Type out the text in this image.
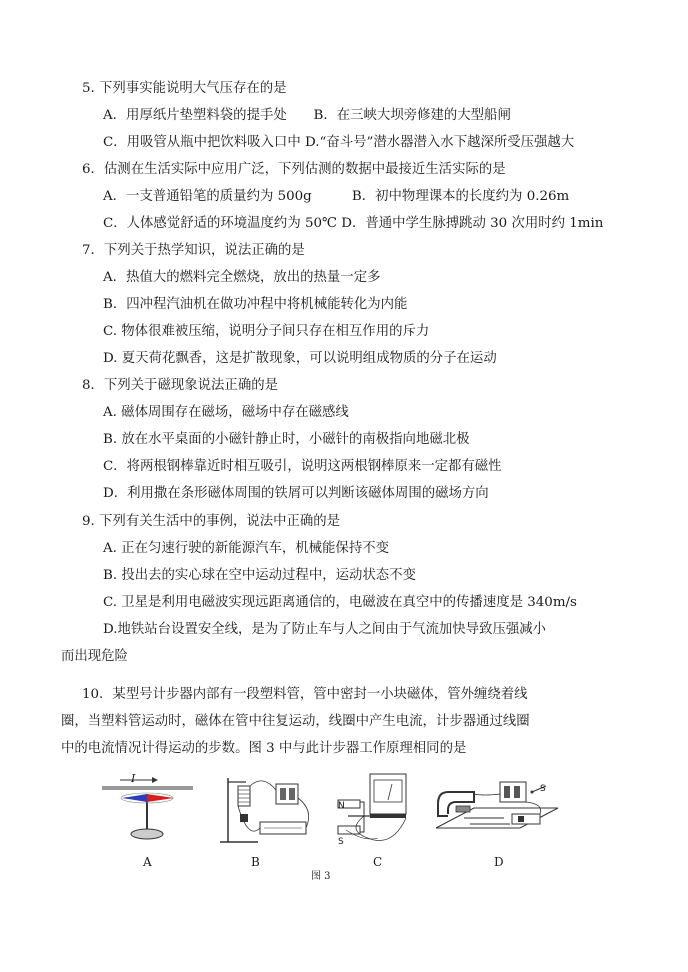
5. 下列事实能说明大气压存在的是
A．用厚纸片垫塑料袋的提手处　　B．在三峡大坝旁修建的大型船闸
C．用吸管从瓶中把饮料吸入口中 D.“奋斗号”潜水器潜入水下越深所受压强越大
6．估测在生活实际中应用广泛，下列估测的数据中最接近生活实际的是
A．一支普通铅笔的质量约为 500g　　　B．初中物理课本的长度约为 0.26m
C．人体感觉舒适的环境温度约为 50℃ D．普通中学生脉搏跳动 30 次用时约 1min
7．下列关于热学知识，说法正确的是
A．热值大的燃料完全燃烧，放出的热量一定多
B．四冲程汽油机在做功冲程中将机械能转化为内能
C. 物体很难被压缩，说明分子间只存在相互作用的斥力
D. 夏天荷花飘香，这是扩散现象，可以说明组成物质的分子在运动
8．下列关于磁现象说法正确的是
A. 磁体周围存在磁场，磁场中存在磁感线
B. 放在水平桌面的小磁针静止时，小磁针的南极指向地磁北极
C．将两根钢棒靠近时相互吸引，说明这两根钢棒原来一定都有磁性
D．利用撒在条形磁体周围的铁屑可以判断该磁体周围的磁场方向
9. 下列有关生活中的事例，说法中正确的是
A. 正在匀速行驶的新能源汽车，机械能保持不变
B. 投出去的实心球在空中运动过程中，运动状态不变
C. 卫星是利用电磁波实现远距离通信的，电磁波在真空中的传播速度是 340m/s
D.地铁站台设置安全线，是为了防止车与人之间由于气流加快导致压强减小
而出现危险
10．某型号计步器内部有一段塑料管，管中密封一小块磁体，管外缠绕着线
圈，当塑料管运动时，磁体在管中往复运动，线圈中产生电流，计步器通过线圈
中的电流情况计得运动的步数。图 3 中与此计步器工作原理相同的是
I
A	B
N
S
C
S
D
图 3
